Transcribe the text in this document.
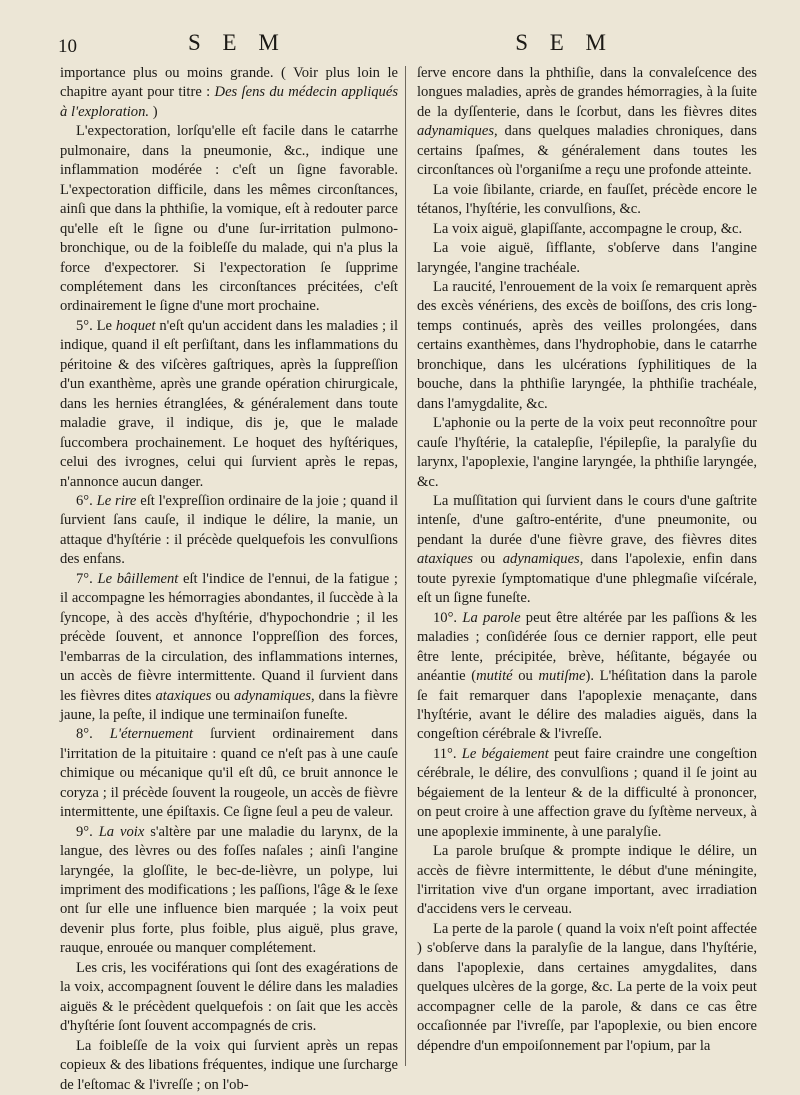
10	S E M	S E M

importance plus ou moins grande. ( Voir plus loin le chapitre ayant pour titre : Des ſens du médecin appliqués à l'exploration. )

L'expectoration, lorſqu'elle eſt facile dans le catarrhe pulmonaire, dans la pneumonie, &c., indique une inflammation modérée : c'eſt un ſigne favorable. L'expectoration difficile, dans les mêmes circonſtances, ainſi que dans la phthiſie, la vomique, eſt à redouter parce qu'elle eſt le ſigne ou d'une ſur-irritation pulmono-bronchique, ou de la foibleſſe du malade, qui n'a plus la force d'expectorer. Si l'expectoration ſe ſupprime complétement dans les circonſtances précitées, c'eſt ordinairement le ſigne d'une mort prochaine.

5°. Le hoquet n'eſt qu'un accident dans les maladies ; il indique, quand il eſt perſiſtant, dans les inflammations du péritoine & des viſcères gaſtriques, après la ſuppreſſion d'un exanthème, après une grande opération chirurgicale, dans les hernies étranglées, & généralement dans toute maladie grave, il indique, dis je, que le malade ſuccombera prochainement. Le hoquet des hyſtériques, celui des ivrognes, celui qui ſurvient après le repas, n'annonce aucun danger.

6°. Le rire eſt l'expreſſion ordinaire de la joie ; quand il ſurvient ſans cauſe, il indique le délire, la manie, un attaque d'hyſtérie : il précède quelquefois les convulſions des enfans.

7°. Le bâillement eſt l'indice de l'ennui, de la fatigue ; il accompagne les hémorragies abondantes, il ſuccède à la ſyncope, à des accès d'hyſtérie, d'hypochondrie ; il les précède ſouvent, et annonce l'oppreſſion des forces, l'embarras de la circulation, des inflammations internes, un accès de fièvre intermittente. Quand il ſurvient dans les fièvres dites ataxiques ou adynamiques, dans la fièvre jaune, la peſte, il indique une terminaiſon funeſte.

8°. L'éternuement ſurvient ordinairement dans l'irritation de la pituitaire : quand ce n'eſt pas à une cauſe chimique ou mécanique qu'il eſt dû, ce bruit annonce le coryza ; il précède ſouvent la rougeole, un accès de fièvre intermittente, une épiſtaxis. Ce ſigne ſeul a peu de valeur.

9°. La voix s'altère par une maladie du larynx, de la langue, des lèvres ou des foſſes naſales ; ainſi l'angine laryngée, la gloſſite, le bec-de-lièvre, un polype, lui impriment des modifications ; les paſſions, l'âge & le ſexe ont ſur elle une influence bien marquée ; la voix peut devenir plus forte, plus foible, plus aiguë, plus grave, rauque, enrouée ou manquer complétement.

Les cris, les vociférations qui ſont des exagérations de la voix, accompagnent ſouvent le délire dans les maladies aiguës & le précèdent quelquefois : on ſait que les accès d'hyſtérie ſont ſouvent accompagnés de cris.

La foibleſſe de la voix qui ſurvient après un repas copieux & des libations fréquentes, indique une ſurcharge de l'eſtomac & l'ivreſſe ; on l'ob-

ſerve encore dans la phthiſie, dans la convaleſcence des longues maladies, après de grandes hémorragies, à la ſuite de la dyſſenterie, dans le ſcorbut, dans les fièvres dites adynamiques, dans quelques maladies chroniques, dans certains ſpaſmes, & généralement dans toutes les circonſtances où l'organiſme a reçu une profonde atteinte.

La voie ſibilante, criarde, en fauſſet, précède encore le tétanos, l'hyſtérie, les convulſions, &c.

La voix aiguë, glapiſſante, accompagne le croup, &c.

La voie aiguë, ſifflante, s'obſerve dans l'angine laryngée, l'angine trachéale.

La raucité, l'enrouement de la voix ſe remarquent après des excès vénériens, des excès de boiſſons, des cris long-temps continués, après des veilles prolongées, dans certains exanthèmes, dans l'hydrophobie, dans le catarrhe bronchique, dans les ulcérations ſyphilitiques de la bouche, dans la phthiſie laryngée, la phthiſie trachéale, dans l'amygdalite, &c.

L'aphonie ou la perte de la voix peut reconnoître pour cauſe l'hyſtérie, la catalepſie, l'épilepſie, la paralyſie du larynx, l'apoplexie, l'angine laryngée, la phthiſie laryngée, &c.

La muſſitation qui ſurvient dans le cours d'une gaſtrite intenſe, d'une gaſtro-entérite, d'une pneumonite, ou pendant la durée d'une fièvre grave, des fièvres dites ataxiques ou adynamiques, dans l'apolexie, enfin dans toute pyrexie ſymptomatique d'une phlegmaſie viſcérale, eſt un ſigne funeſte.

10°. La parole peut être altérée par les paſſions & les maladies ; conſidérée ſous ce dernier rapport, elle peut être lente, précipitée, brève, héſitante, bégayée ou anéantie (mutité ou mutiſme). L'héſitation dans la parole ſe fait remarquer dans l'apoplexie menaçante, dans l'hyſtérie, avant le délire des maladies aiguës, dans la congeſtion cérébrale & l'ivreſſe.

11°. Le bégaiement peut faire craindre une congeſtion cérébrale, le délire, des convulſions ; quand il ſe joint au bégaiement de la lenteur & de la difficulté à prononcer, on peut croire à une affection grave du ſyſtème nerveux, à une apoplexie imminente, à une paralyſie.

La parole bruſque & prompte indique le délire, un accès de fièvre intermittente, le début d'une méningite, l'irritation vive d'un organe important, avec irradiation d'accidens vers le cerveau.

La perte de la parole ( quand la voix n'eſt point affectée ) s'obſerve dans la paralyſie de la langue, dans l'hyſtérie, dans l'apoplexie, dans certaines amygdalites, dans quelques ulcères de la gorge, &c. La perte de la voix peut accompagner celle de la parole, & dans ce cas être occaſionnée par l'ivreſſe, par l'apoplexie, ou bien encore dépendre d'un empoiſonnement par l'opium, par la
